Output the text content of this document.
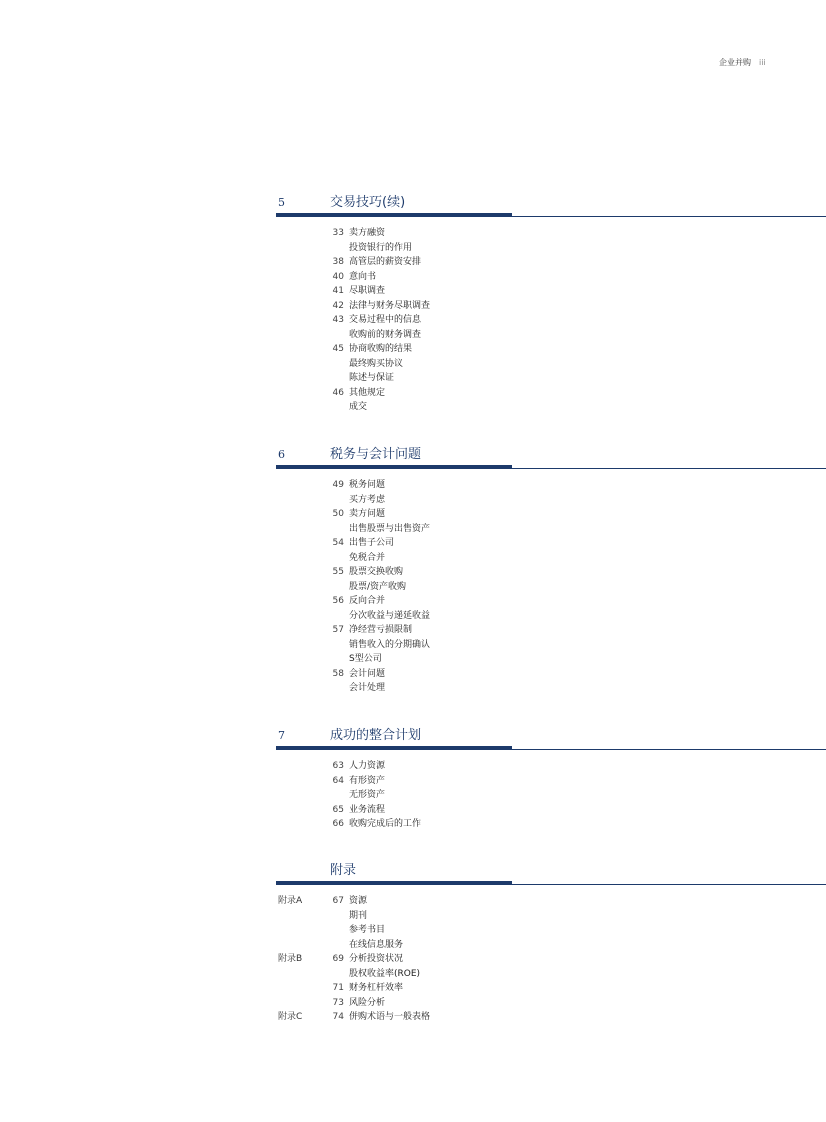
企业并购 iii
5	交易技巧(续)
33 卖方融资
投资银行的作用
38 高管层的薪资安排
40 意向书
41 尽职调查
42 法律与财务尽职调查
43 交易过程中的信息
收购前的财务调查
45 协商收购的结果
最终购买协议
陈述与保证
46 其他规定
成交
6	税务与会计问题
49 税务问题
买方考虑
50 卖方问题
出售股票与出售资产
54 出售子公司
免税合并
55 股票交换收购
股票/资产收购
56 反向合并
分次收益与递延收益
57 净经营亏损限制
销售收入的分期确认
S型公司
58 会计问题
会计处理
7	成功的整合计划
63 人力资源
64 有形资产
无形资产
65 业务流程
66 收购完成后的工作
附录
附录A	67 资源
期刊
参考书目
在线信息服务
附录B	69 分析投资状况
股权收益率(ROE)
71 财务杠杆效率
73 风险分析
附录C	74 併购术语与一般表格
